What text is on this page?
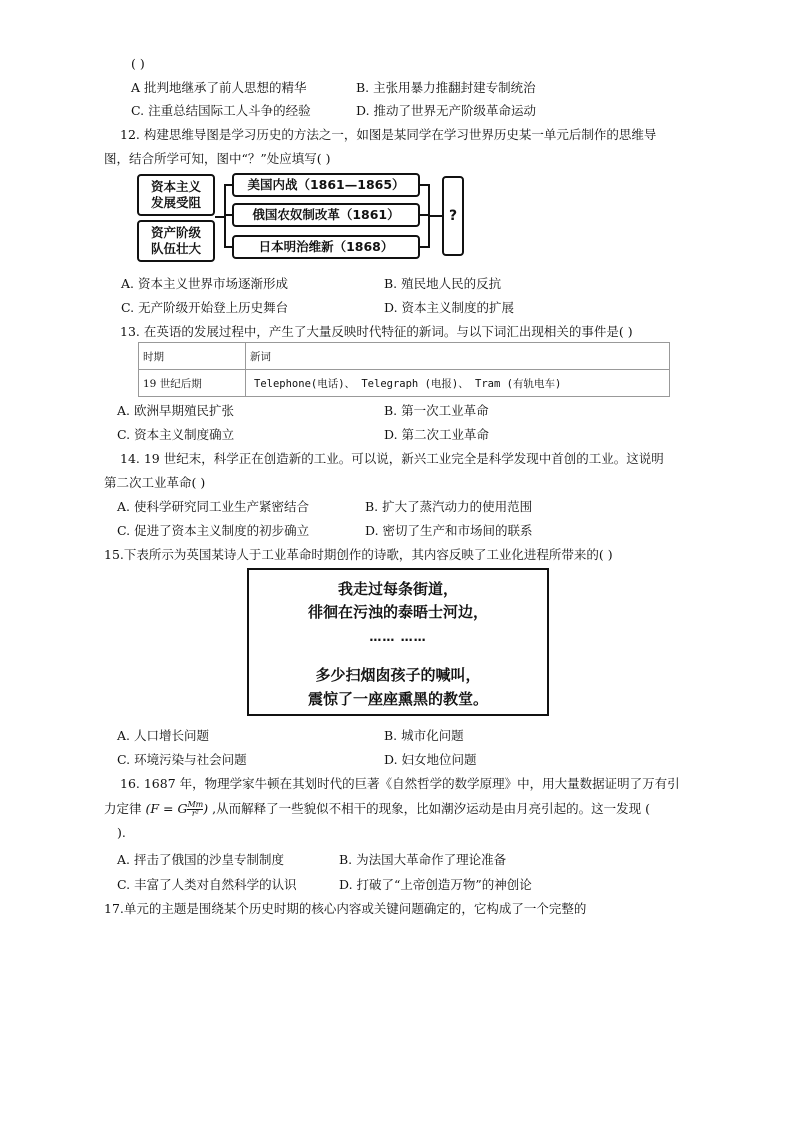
( )
A 批判地继承了前人思想的精华	B. 主张用暴力推翻封建专制统治
C. 注重总结国际工人斗争的经验	D. 推动了世界无产阶级革命运动
12. 构建思维导图是学习历史的方法之一，如图是某同学在学习世界历史某一单元后制作的思维导
图，结合所学可知，图中“？”处应填写( )
资本主义
发展受阻
资产阶级
队伍壮大
美国内战（1861—1865）
俄国农奴制改革（1861）
日本明治维新（1868）
?
A. 资本主义世界市场逐渐形成	B. 殖民地人民的反抗
C. 无产阶级开始登上历史舞台	D. 资本主义制度的扩展
13. 在英语的发展过程中，产生了大量反映时代特征的新词。与以下词汇出现相关的事件是( )
时期	新词
19 世纪后期	Telephone(电话)、 Telegraph (电报)、 Tram (有轨电车)
A. 欧洲早期殖民扩张	B. 第一次工业革命
C. 资本主义制度确立	D. 第二次工业革命
14. 19 世纪末，科学正在创造新的工业。可以说，新兴工业完全是科学发现中首创的工业。这说明
第二次工业革命( )
A. 使科学研究同工业生产紧密结合	B. 扩大了蒸汽动力的使用范围
C. 促进了资本主义制度的初步确立	D. 密切了生产和市场间的联系
15.下表所示为英国某诗人于工业革命时期创作的诗歌，其内容反映了工业化进程所带来的( )
我走过每条街道，
徘徊在污浊的泰晤士河边，
…… ……
多少扫烟囱孩子的喊叫，
震惊了一座座熏黑的教堂。
A. 人口增长问题	B. 城市化问题
C. 环境污染与社会问题	D. 妇女地位问题
16. 1687 年，物理学家牛顿在其划时代的巨著《自然哲学的数学原理》中，用大量数据证明了万有引
力定律 (F = G $\frac{Mm}{\text{r²}}$ ) ,从而解释了一些貌似不相干的现象，比如潮汐运动是由月亮引起的。这一发现 (
).
A. 抨击了俄国的沙皇专制制度	B. 为法国大革命作了理论准备
C. 丰富了人类对自然科学的认识	D. 打破了“上帝创造万物”的神创论
17.单元的主题是围绕某个历史时期的核心内容或关键问题确定的，它构成了一个完整的
